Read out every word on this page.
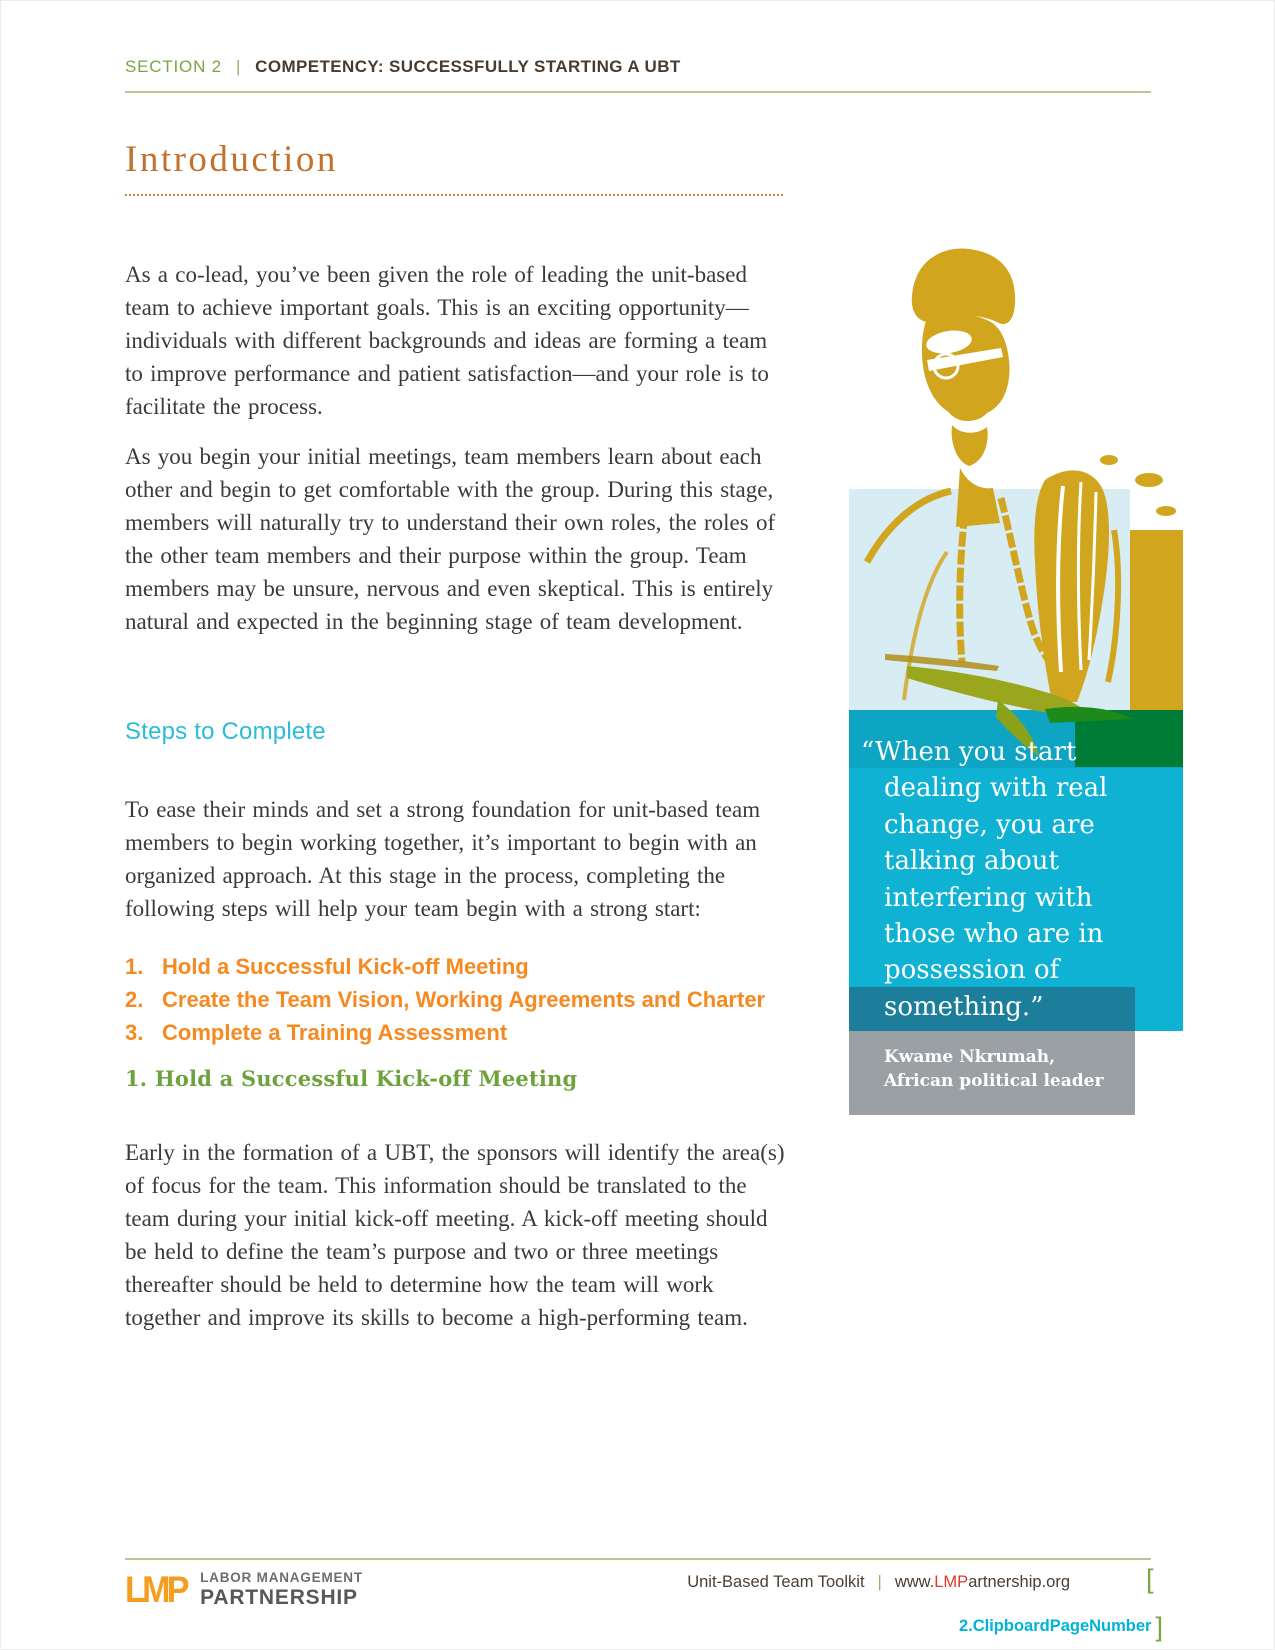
SECTION 2 | COMPETENCY: SUCCESSFULLY STARTING A UBT
Introduction

As a co-lead, you’ve been given the role of leading the unit-based team to achieve important goals. This is an exciting opportunity—individuals with different backgrounds and ideas are forming a team to improve performance and patient satisfaction—and your role is to facilitate the process.

As you begin your initial meetings, team members learn about each other and begin to get comfortable with the group. During this stage, members will naturally try to understand their own roles, the roles of the other team members and their purpose within the group. Team members may be unsure, nervous and even skeptical. This is entirely natural and expected in the beginning stage of team development.

Steps to Complete

To ease their minds and set a strong foundation for unit-based team members to begin working together, it’s important to begin with an organized approach. At this stage in the process, completing the following steps will help your team begin with a strong start:

1. Hold a Successful Kick-off Meeting
2. Create the Team Vision, Working Agreements and Charter
3. Complete a Training Assessment
1. Hold a Successful Kick-off Meeting

Early in the formation of a UBT, the sponsors will identify the area(s) of focus for the team. This information should be translated to the team during your initial kick-off meeting. A kick-off meeting should be held to define the team’s purpose and two or three meetings thereafter should be held to determine how the team will work together and improve its skills to become a high-performing team.

“When you start
dealing with real
change, you are
talking about
interfering with
those who are in
possession of
something.”
Kwame Nkrumah,
African political leader
LMP LABOR MANAGEMENT
PARTNERSHIP
Unit-Based Team Toolkit | www.LMPartnership.org	[
2.ClipboardPageNumber ]
